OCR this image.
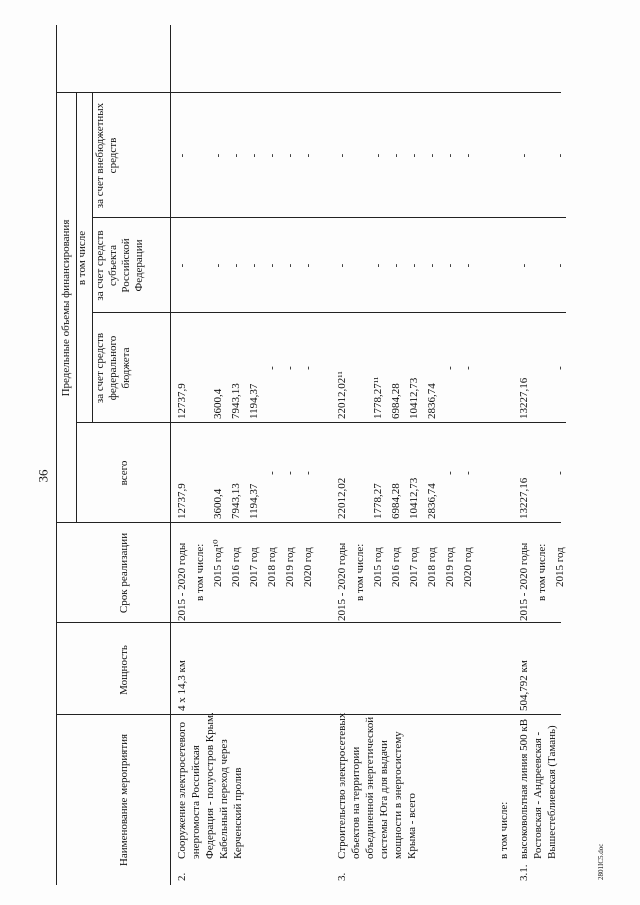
36
2801IC5.doc
Наименование мероприятия
Мощность
Срок реализации
Предельные объемы финансирования
всего
в том числе
за счет средств федерального бюджета
за счет средств субъекта Российской Федерации
за счет внебюджетных средств
2.
Сооружение электросетевого энергомоста Российская Федерация - полуостров Крым. Кабельный переход через Керченский пролив
4 х 14,3 км
2015 - 2020 годы в том числе: 2015 год¹⁰ 2016 год 2017 год 2018 год 2019 год 2020 год
12737,9 3600,4 7943,13 1194,37
- - -
12737,9 3600,4 7943,13 1194,37
- - -
- - - - - - -
- - - - - - -
3.
Строительство электросетевых объектов на территории объединенной энергетической системы Юга для выдачи мощности в энергосистему Крыма - всего
2015 - 2020 годы в том числе: 2015 год 2016 год 2017 год 2018 год 2019 год 2020 год
22012,02 1778,27 6984,28 10412,73 2836,74
- -
22012,02¹¹ 1778,27¹¹ 6984,28 10412,73 2836,74
- -
- - - - - - -
- - - - - - -
в том числе:
3.1.
высоковольтная линия 500 кВ Ростовская - Андреевская - Вышестеблиевская (Тамань)
504,792 км
2015 - 2020 годы в том числе: 2015 год
13227,16
-
13227,16
-
- -
- -
